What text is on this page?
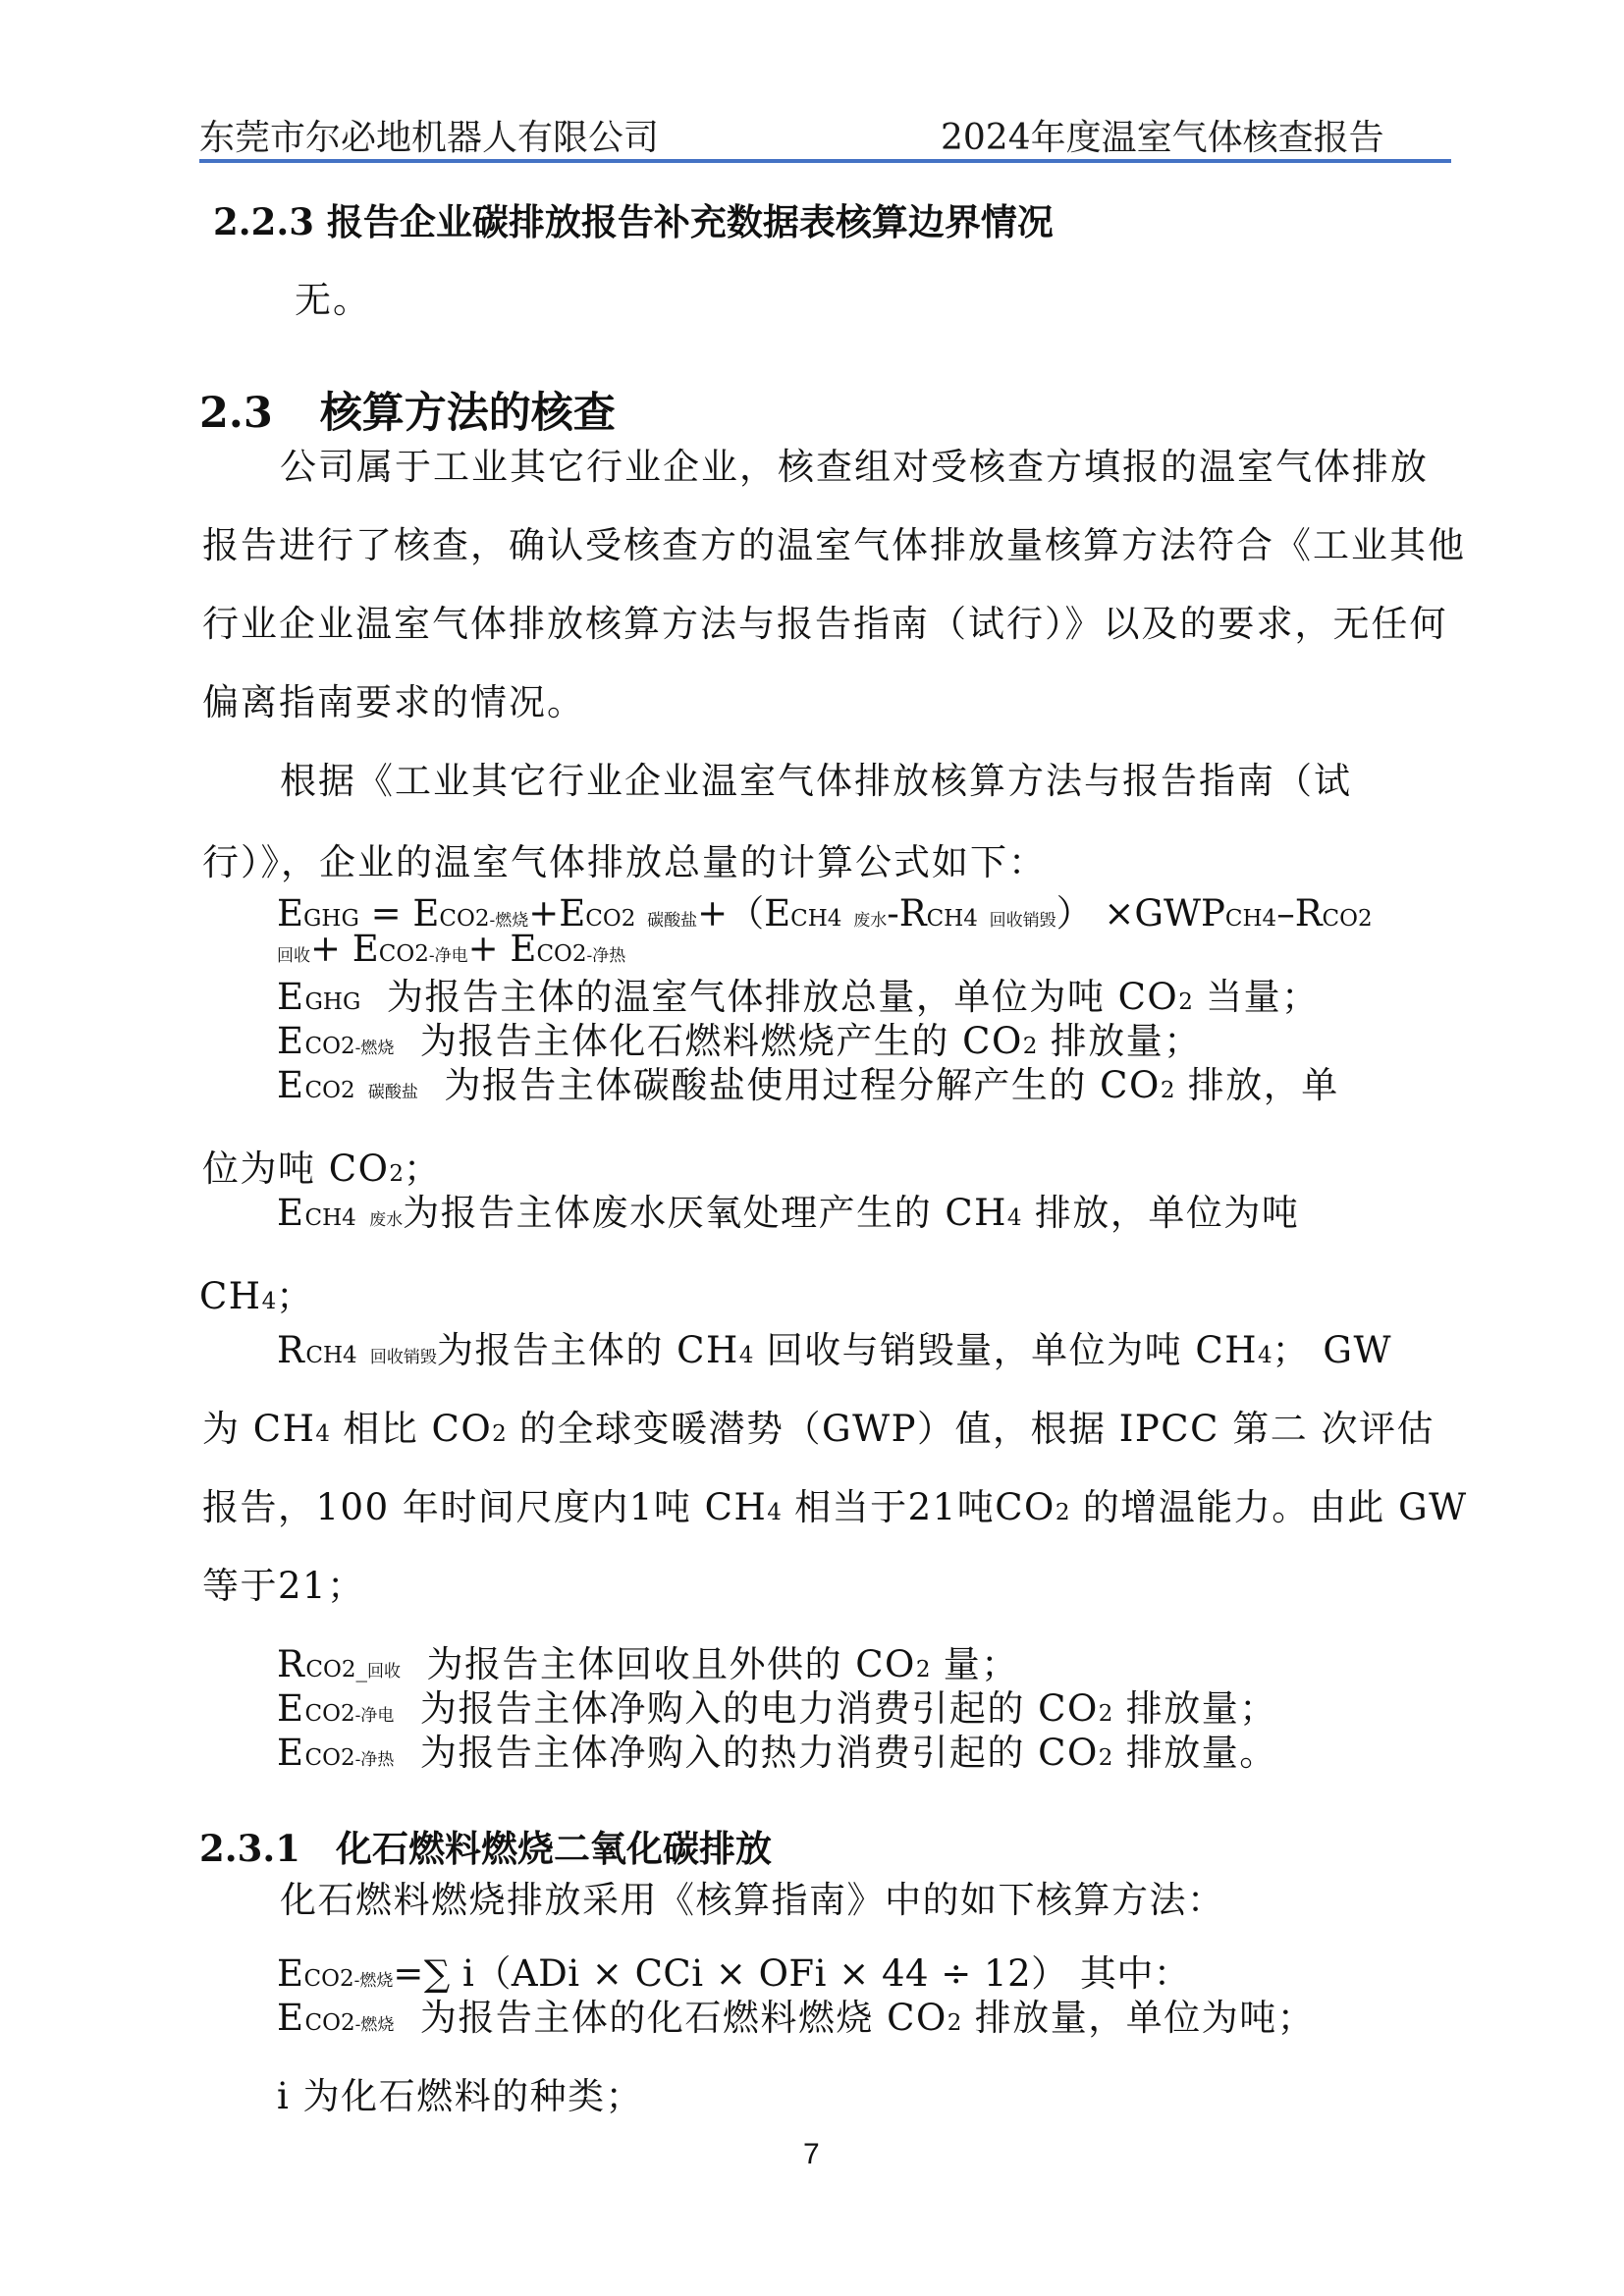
东莞市尔必地机器人有限公司	2024年度温室气体核查报告
2.2.3 报告企业碳排放报告补充数据表核算边界情况
无。
2.3 核算方法的核查
公司属于工业其它行业企业，核查组对受核查方填报的温室气体排放
报告进行了核查，确认受核查方的温室气体排放量核算方法符合《工业其他
行业企业温室气体排放核算方法与报告指南（试行）》以及的要求，无任何
偏离指南要求的情况。
根据《工业其它行业企业温室气体排放核算方法与报告指南（试
行）》，企业的温室气体排放总量的计算公式如下：
EGHG = ECO2-燃烧+ECO2 碳酸盐+（ECH4 废水-RCH4 回收销毁） ×GWPCH4–RCO2
回收+ ECO2-净电+ ECO2-净热
EGHG 为报告主体的温室气体排放总量，单位为吨 CO2 当量；
ECO2-燃烧 为报告主体化石燃料燃烧产生的 CO2 排放量；
ECO2 碳酸盐 为报告主体碳酸盐使用过程分解产生的 CO2 排放，单
位为吨 CO2；
ECH4 废水为报告主体废水厌氧处理产生的 CH4 排放，单位为吨
CH4；
RCH4 回收销毁为报告主体的 CH4 回收与销毁量，单位为吨 CH4； GW
为 CH4 相比 CO2 的全球变暖潜势（GWP）值，根据 IPCC 第二 次评估
报告，100 年时间尺度内1吨 CH4 相当于21吨CO2 的增温能力。由此 GW
等于21；
RCO2_回收 为报告主体回收且外供的 CO2 量；
ECO2-净电 为报告主体净购入的电力消费引起的 CO2 排放量；
ECO2-净热 为报告主体净购入的热力消费引起的 CO2 排放量。
2.3.1 化石燃料燃烧二氧化碳排放
化石燃料燃烧排放采用《核算指南》中的如下核算方法：
ECO2-燃烧=∑ i（ADi × CCi × OFi × 44 ÷ 12） 其中：
ECO2-燃烧 为报告主体的化石燃料燃烧 CO2 排放量，单位为吨；
i 为化石燃料的种类；
7
